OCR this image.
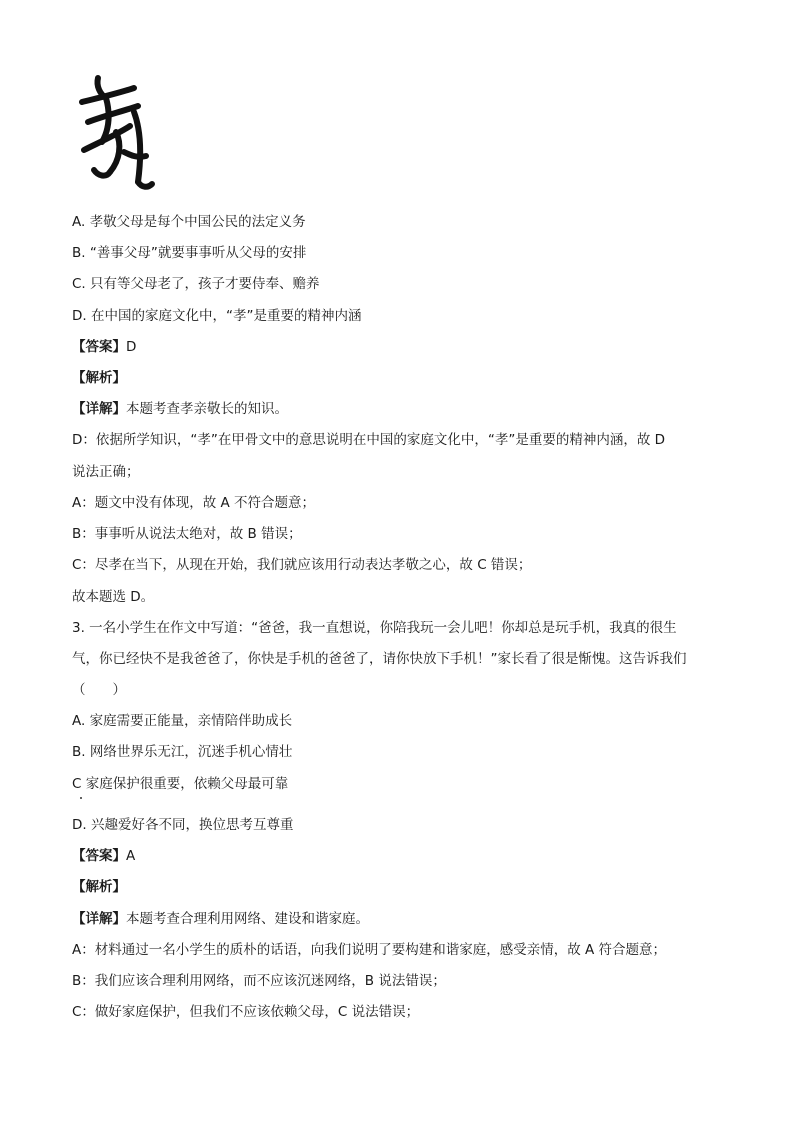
A. 孝敬父母是每个中国公民的法定义务
B. “善事父母”就要事事听从父母的安排
C. 只有等父母老了，孩子才要侍奉、赡养
D. 在中国的家庭文化中，“孝”是重要的精神内涵
【答案】D
【解析】
【详解】本题考查孝亲敬长的知识。
D：依据所学知识，“孝”在甲骨文中的意思说明在中国的家庭文化中，“孝”是重要的精神内涵，故 D
说法正确；
A：题文中没有体现，故 A 不符合题意；
B：事事听从说法太绝对，故 B 错误；
C：尽孝在当下，从现在开始，我们就应该用行动表达孝敬之心，故 C 错误；
故本题选 D。
3. 一名小学生在作文中写道：“爸爸，我一直想说，你陪我玩一会儿吧！你却总是玩手机，我真的很生
气，你已经快不是我爸爸了，你快是手机的爸爸了，请你快放下手机！”家长看了很是惭愧。这告诉我们
（　　）
A. 家庭需要正能量，亲情陪伴助成长
B. 网络世界乐无江，沉迷手机心情壮
C 家庭保护很重要，依赖父母最可靠
D. 兴趣爱好各不同，换位思考互尊重
【答案】A
【解析】
【详解】本题考查合理利用网络、建设和谐家庭。
A：材料通过一名小学生的质朴的话语，向我们说明了要构建和谐家庭，感受亲情，故 A 符合题意；
B：我们应该合理利用网络，而不应该沉迷网络，B 说法错误；
C：做好家庭保护，但我们不应该依赖父母，C 说法错误；
